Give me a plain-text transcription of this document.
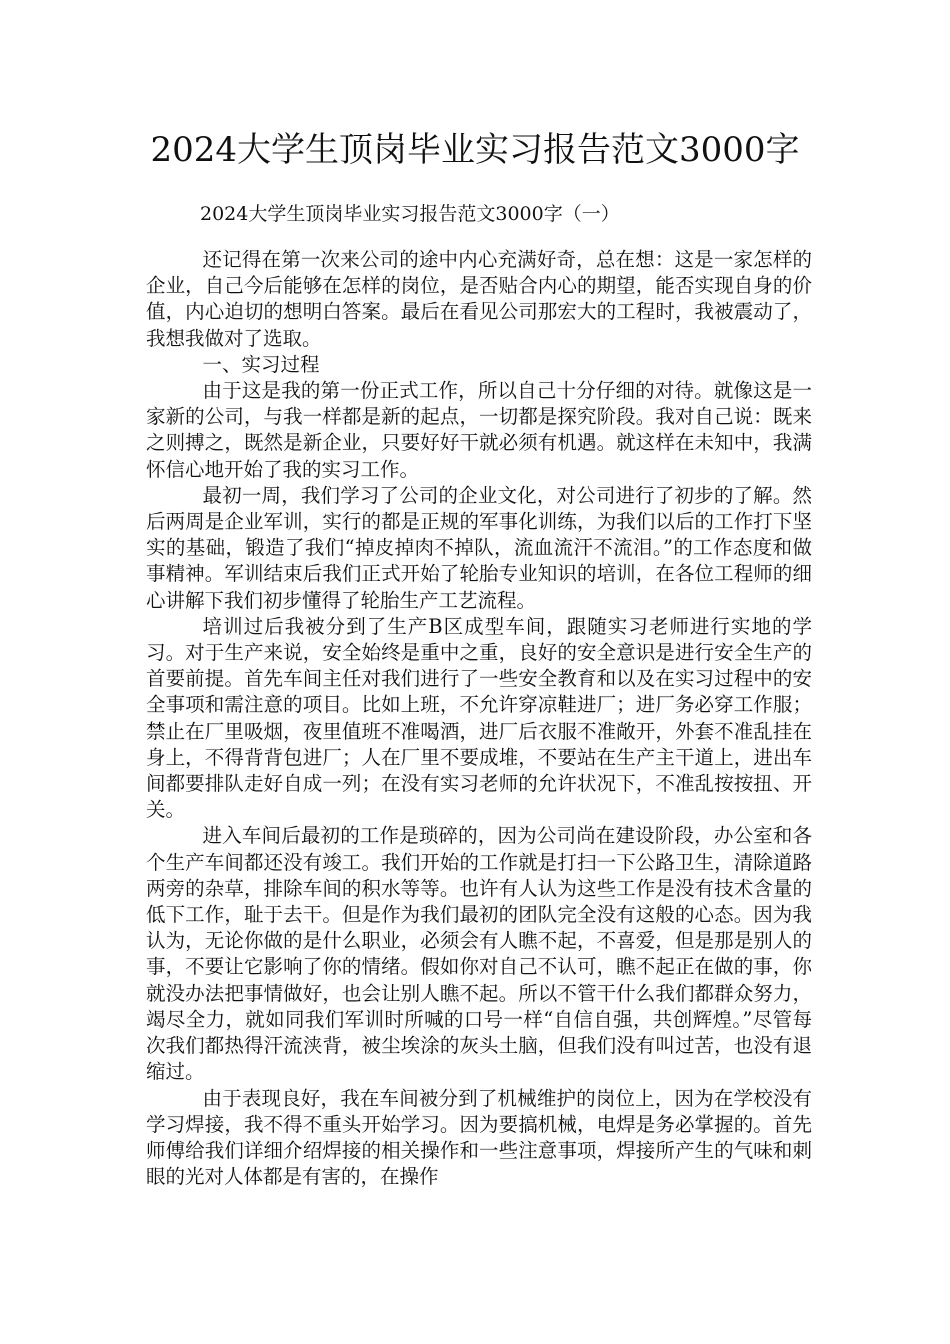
2024大学生顶岗毕业实习报告范文3000字
2024大学生顶岗毕业实习报告范文3000字（一）

还记得在第一次来公司的途中内心充满好奇，总在想：这是一家怎样的企业，自己今后能够在怎样的岗位，是否贴合内心的期望，能否实现自身的价值，内心迫切的想明白答案。最后在看见公司那宏大的工程时，我被震动了，我想我做对了选取。

一、实习过程

由于这是我的第一份正式工作，所以自己十分仔细的对待。就像这是一家新的公司，与我一样都是新的起点，一切都是探究阶段。我对自己说：既来之则搏之，既然是新企业，只要好好干就必须有机遇。就这样在未知中，我满怀信心地开始了我的实习工作。

最初一周，我们学习了公司的企业文化，对公司进行了初步的了解。然后两周是企业军训，实行的都是正规的军事化训练，为我们以后的工作打下坚实的基础，锻造了我们“掉皮掉肉不掉队，流血流汗不流泪。”的工作态度和做事精神。军训结束后我们正式开始了轮胎专业知识的培训，在各位工程师的细心讲解下我们初步懂得了轮胎生产工艺流程。

培训过后我被分到了生产B区成型车间，跟随实习老师进行实地的学习。对于生产来说，安全始终是重中之重，良好的安全意识是进行安全生产的首要前提。首先车间主任对我们进行了一些安全教育和以及在实习过程中的安全事项和需注意的项目。比如上班，不允许穿凉鞋进厂；进厂务必穿工作服；禁止在厂里吸烟，夜里值班不准喝酒，进厂后衣服不准敞开，外套不准乱挂在身上，不得背背包进厂；人在厂里不要成堆，不要站在生产主干道上，进出车间都要排队走好自成一列；在没有实习老师的允许状况下，不准乱按按扭、开关。

进入车间后最初的工作是琐碎的，因为公司尚在建设阶段，办公室和各个生产车间都还没有竣工。我们开始的工作就是打扫一下公路卫生，清除道路两旁的杂草，排除车间的积水等等。也许有人认为这些工作是没有技术含量的低下工作，耻于去干。但是作为我们最初的团队完全没有这般的心态。因为我认为，无论你做的是什么职业，必须会有人瞧不起，不喜爱，但是那是别人的事，不要让它影响了你的情绪。假如你对自己不认可，瞧不起正在做的事，你就没办法把事情做好，也会让别人瞧不起。所以不管干什么我们都群众努力，竭尽全力，就如同我们军训时所喊的口号一样“自信自强，共创辉煌。”尽管每次我们都热得汗流浃背，被尘埃涂的灰头土脑，但我们没有叫过苦，也没有退缩过。

由于表现良好，我在车间被分到了机械维护的岗位上，因为在学校没有学习焊接，我不得不重头开始学习。因为要搞机械，电焊是务必掌握的。首先师傅给我们详细介绍焊接的相关操作和一些注意事项，焊接所产生的气味和刺眼的光对人体都是有害的，在操作
